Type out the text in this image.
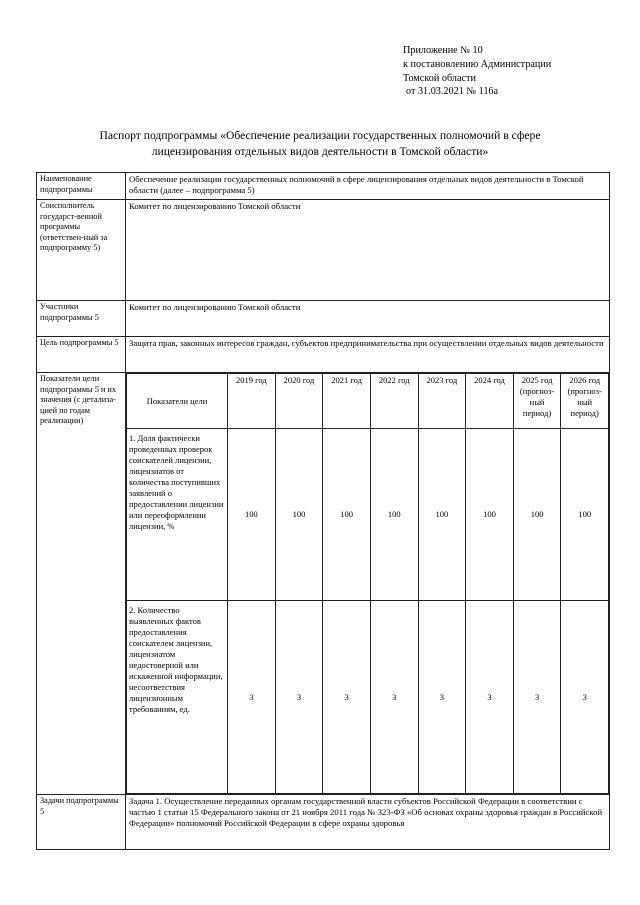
Приложение № 10
к постановлению Администрации
Томской области
от 31.03.2021 № 116а
Паспорт подпрограммы «Обеспечение реализации государственных полномочий в сфере
лицензирования отдельных видов деятельности в Томской области»
Наименование подпрограммы	Обеспечение реализации государственных полномочий в сфере лицензирования отдельных видов деятельности в Томской области (далее – подпрограмма 5)
Соисполнитель государст-венной программы (ответствен-ный за подпрограмму 5)	Комитет по лицензированию Томской области
Участники подпрограммы 5	Комитет по лицензированию Томской области
Цель подпрограммы 5	Защита прав, законных интересов граждан, субъектов предпринимательства при осуществлении отдельных видов деятельности
Показатели цели подпрограммы 5 и их значения (с детализа-цией по годам реализации)	
Показатели цели	2019 год	2020 год	2021 год	2022 год	2023 год	2024 год	2025 год (прогноз-ный период)	2026 год (прогноз-ный период)
1. Доля фактически проведенных проверок соискателей лицензии, лицензиатов от количества поступивших заявлений о предоставлении лицензии или переоформлении лицензии, %	100	100	100	100	100	100	100	100
2. Количество выявленных фактов предоставления соискателем лицензии, лицензиатом недостоверной или искаженной информации, несоответствия лицензионным требованиям, ед.	3	3	3	3	3	3	3	3

Задачи подпрограммы 5	Задача 1. Осуществление переданных органам государственной власти субъектов Российской Федерации в соответствии с частью 1 статьи 15 Федерального закона от 21 ноября 2011 года № 323-ФЗ «Об основах охраны здоровья граждан в Российской Федерации» полномочий Российской Федерации в сфере охраны здоровья
